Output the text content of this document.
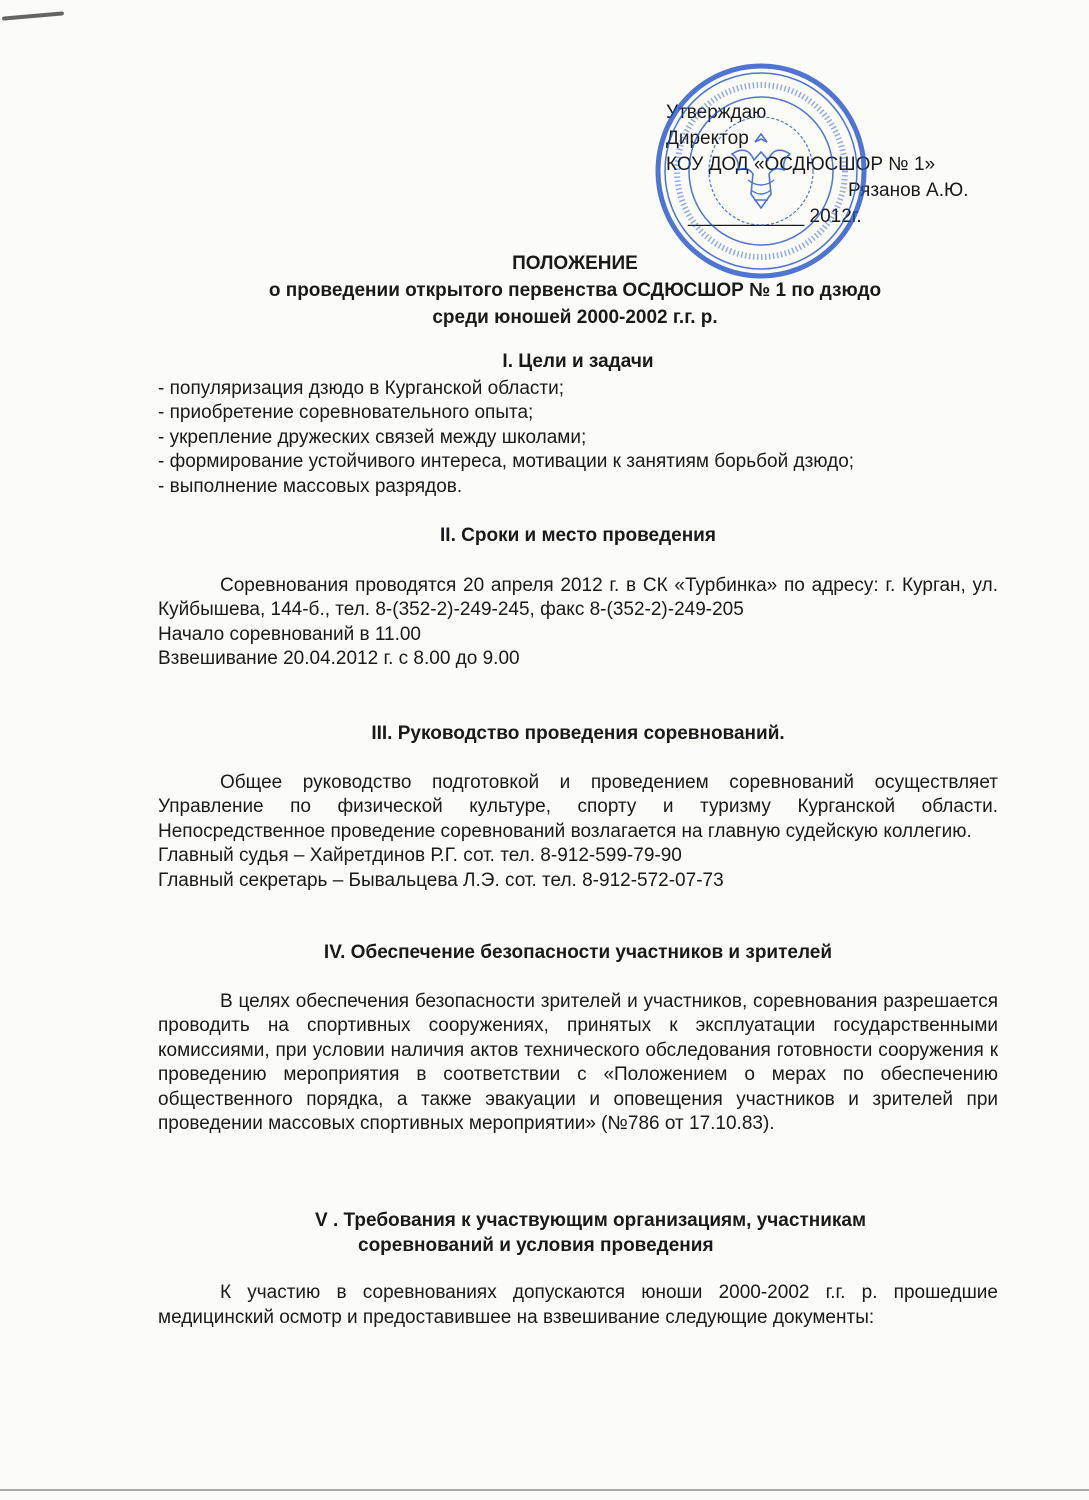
Утверждаю
Директор
КОУ ДОД «ОСДЮСШОР № 1»
Рязанов А.Ю.
___________ 2012г.
ПОЛОЖЕНИЕ
о проведении открытого первенства ОСДЮСШОР № 1 по дзюдо
среди юношей 2000-2002 г.г. р.
I. Цели и задачи
- популяризация дзюдо в Курганской области;
- приобретение соревновательного опыта;
- укрепление дружеских связей между школами;
- формирование устойчивого интереса, мотивации к занятиям борьбой дзюдо;
- выполнение массовых разрядов.
II. Сроки и место проведения

Соревнования проводятся 20 апреля 2012 г. в СК «Турбинка» по адресу: г. Курган, ул. Куйбышева, 144-б., тел. 8-(352-2)-249-245, факс 8-(352-2)-249-205

Начало соревнований в 11.00
Взвешивание 20.04.2012 г. с 8.00 до 9.00
III. Руководство проведения соревнований.

Общее руководство подготовкой и проведением соревнований осуществляет Управление по физической культуре, спорту и туризму Курганской области. Непосредственное проведение соревнований возлагается на главную судейскую коллегию.

Главный судья – Хайретдинов Р.Г. сот. тел. 8-912-599-79-90
Главный секретарь – Бывальцева Л.Э. сот. тел. 8-912-572-07-73
IV. Обеспечение безопасности участников и зрителей

В целях обеспечения безопасности зрителей и участников, соревнования разрешается проводить на спортивных сооружениях, принятых к эксплуатации государственными комиссиями, при условии наличия актов технического обследования готовности сооружения к проведению мероприятия в соответствии с «Положением о мерах по обеспечению общественного порядка, а также эвакуации и оповещения участников и зрителей при проведении массовых спортивных мероприятии» (№786 от 17.10.83).

V . Требования к участвующим организациям, участникам
соревнований и условия проведения

К участию в соревнованиях допускаются юноши 2000-2002 г.г. р. прошедшие медицинский осмотр и предоставившее на взвешивание следующие документы:
